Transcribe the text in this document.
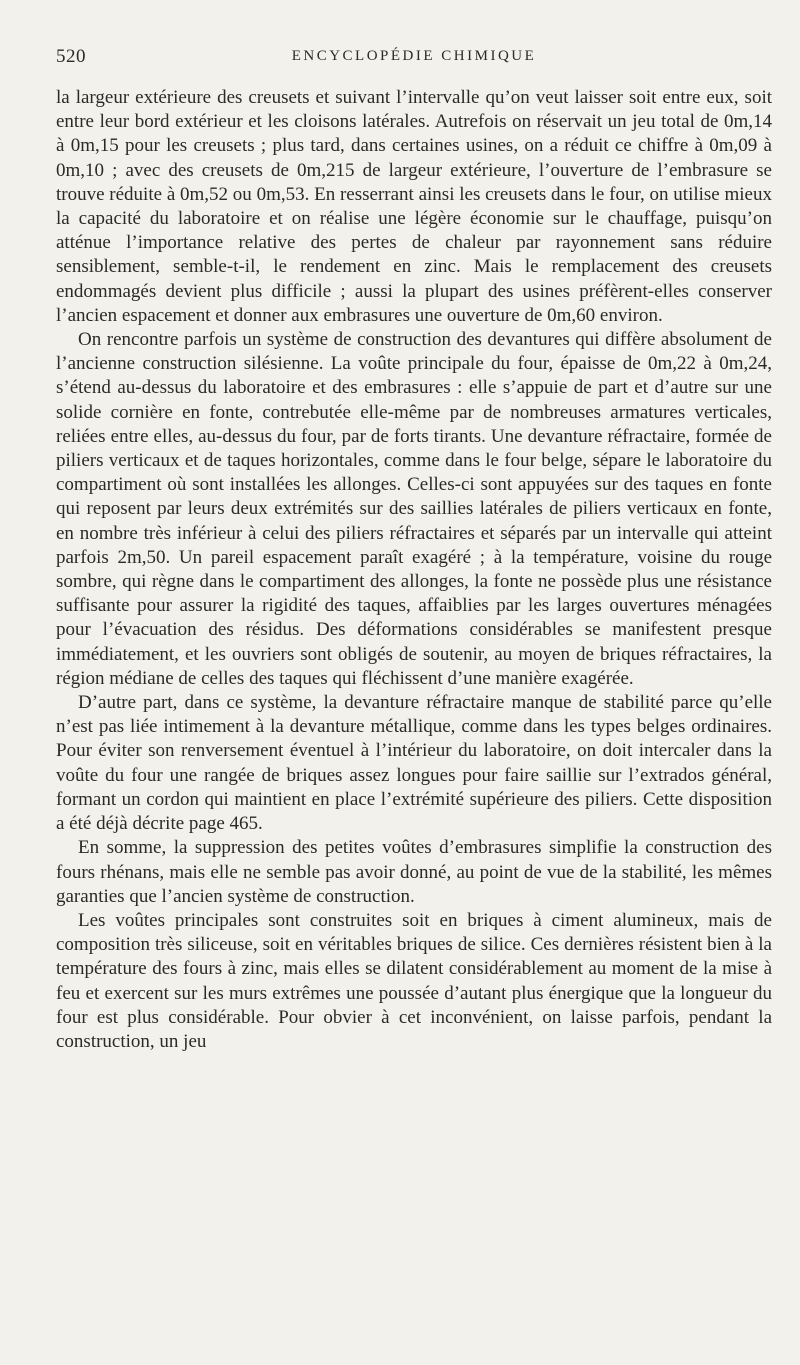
520	ENCYCLOPÉDIE CHIMIQUE

la largeur extérieure des creusets et suivant l’intervalle qu’on veut laisser soit entre eux, soit entre leur bord extérieur et les cloisons latérales. Autrefois on réservait un jeu total de 0m,14 à 0m,15 pour les creusets ; plus tard, dans certaines usines, on a réduit ce chiffre à 0m,09 à 0m,10 ; avec des creusets de 0m,215 de largeur extérieure, l’ouverture de l’embrasure se trouve réduite à 0m,52 ou 0m,53. En resserrant ainsi les creusets dans le four, on utilise mieux la capacité du laboratoire et on réalise une légère économie sur le chauffage, puisqu’on atténue l’importance relative des pertes de chaleur par rayonnement sans réduire sensiblement, semble-t-il, le rendement en zinc. Mais le remplacement des creusets endommagés devient plus difficile ; aussi la plupart des usines préfèrent-elles conserver l’ancien espacement et donner aux embrasures une ouverture de 0m,60 environ.

On rencontre parfois un système de construction des devantures qui diffère absolument de l’ancienne construction silésienne. La voûte principale du four, épaisse de 0m,22 à 0m,24, s’étend au-dessus du laboratoire et des embrasures : elle s’appuie de part et d’autre sur une solide cornière en fonte, contrebutée elle-même par de nombreuses armatures verticales, reliées entre elles, au-dessus du four, par de forts tirants. Une devanture réfractaire, formée de piliers verticaux et de taques horizontales, comme dans le four belge, sépare le laboratoire du compartiment où sont installées les allonges. Celles-ci sont appuyées sur des taques en fonte qui reposent par leurs deux extrémités sur des saillies latérales de piliers verticaux en fonte, en nombre très inférieur à celui des piliers réfractaires et séparés par un intervalle qui atteint parfois 2m,50. Un pareil espacement paraît exagéré ; à la température, voisine du rouge sombre, qui règne dans le compartiment des allonges, la fonte ne possède plus une résistance suffisante pour assurer la rigidité des taques, affaiblies par les larges ouvertures ménagées pour l’évacuation des résidus. Des déformations considérables se manifestent presque immédiatement, et les ouvriers sont obligés de soutenir, au moyen de briques réfractaires, la région médiane de celles des taques qui fléchissent d’une manière exagérée.

D’autre part, dans ce système, la devanture réfractaire manque de stabilité parce qu’elle n’est pas liée intimement à la devanture métallique, comme dans les types belges ordinaires. Pour éviter son renversement éventuel à l’intérieur du laboratoire, on doit intercaler dans la voûte du four une rangée de briques assez longues pour faire saillie sur l’extrados général, formant un cordon qui maintient en place l’extrémité supérieure des piliers. Cette disposition a été déjà décrite page 465.

En somme, la suppression des petites voûtes d’embrasures simplifie la construction des fours rhénans, mais elle ne semble pas avoir donné, au point de vue de la stabilité, les mêmes garanties que l’ancien système de construction.

Les voûtes principales sont construites soit en briques à ciment alumineux, mais de composition très siliceuse, soit en véritables briques de silice. Ces dernières résistent bien à la température des fours à zinc, mais elles se dilatent considérablement au moment de la mise à feu et exercent sur les murs extrêmes une poussée d’autant plus énergique que la longueur du four est plus considérable. Pour obvier à cet inconvénient, on laisse parfois, pendant la construction, un jeu
